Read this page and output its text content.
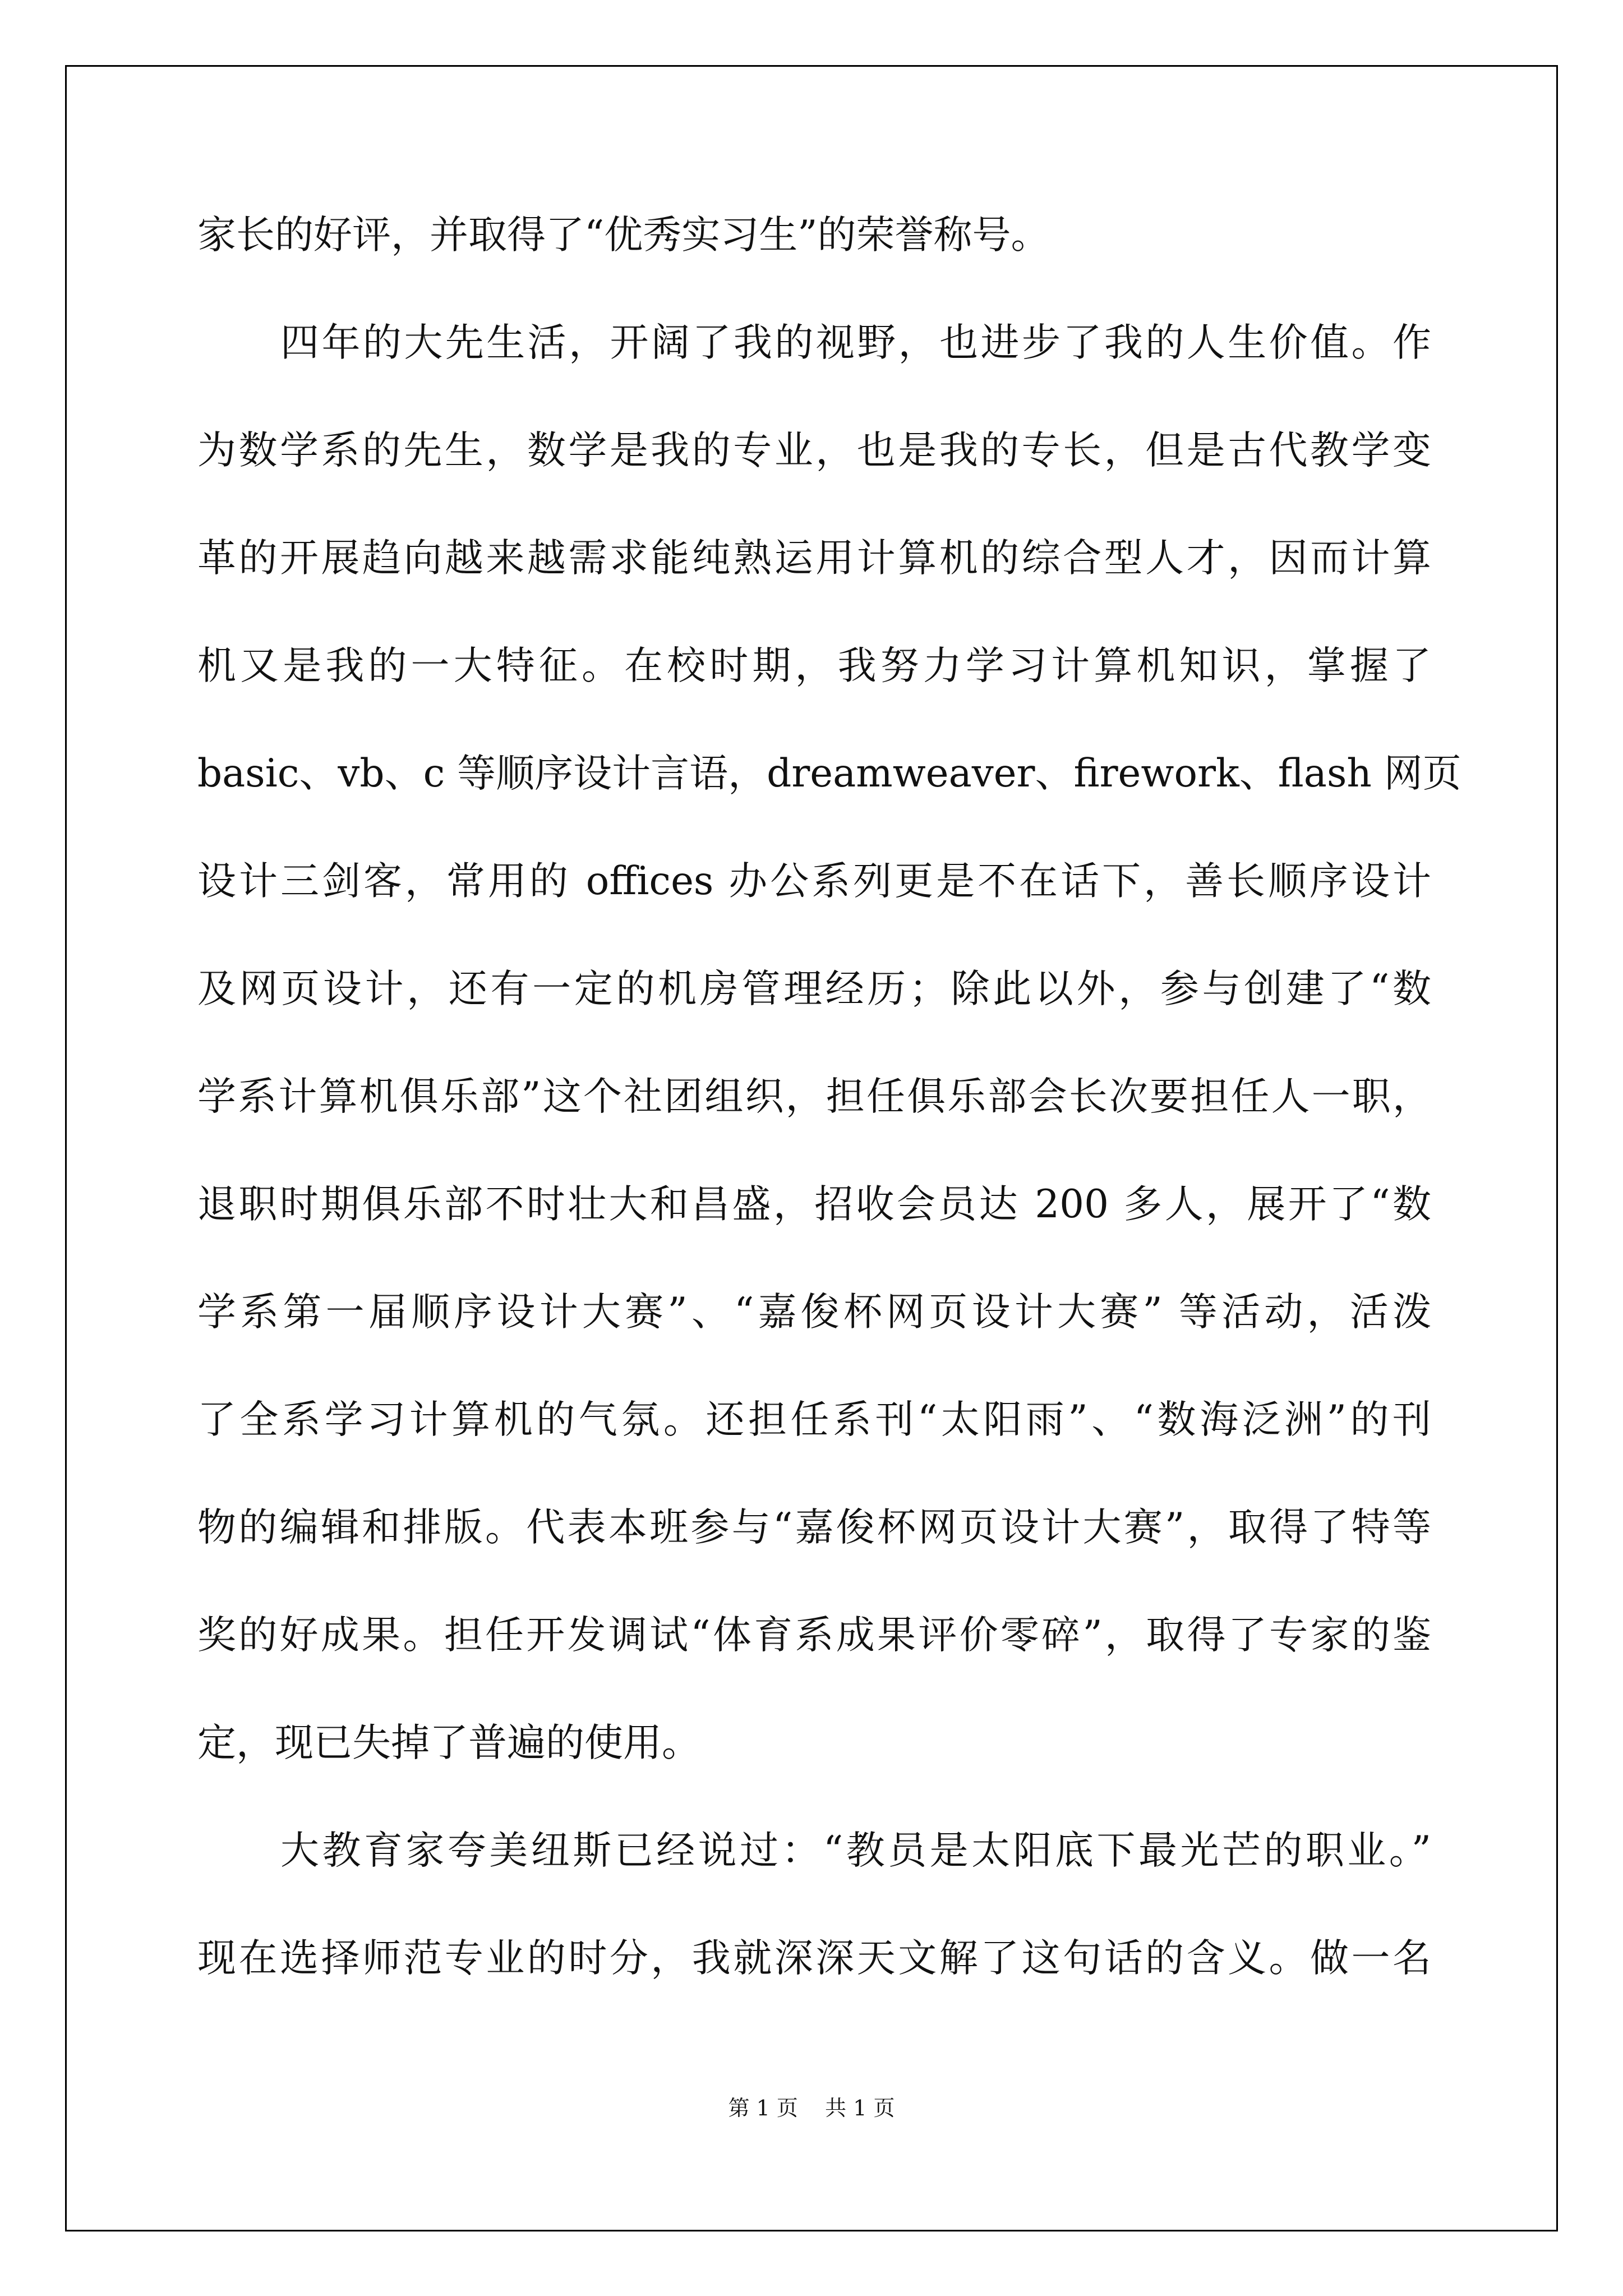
家长的好评，并取得了“优秀实习生”的荣誉称号。
四年的大先生活，开阔了我的视野，也进步了我的人生价值。作
为数学系的先生，数学是我的专业，也是我的专长，但是古代教学变
革的开展趋向越来越需求能纯熟运用计算机的综合型人才，因而计算
机又是我的一大特征。在校时期，我努力学习计算机知识，掌握了
basic、vb、c 等顺序设计言语，dreamweaver、firework、flash 网页
设计三剑客，常用的 offices 办公系列更是不在话下，善长顺序设计
及网页设计，还有一定的机房管理经历；除此以外，参与创建了“数
学系计算机俱乐部”这个社团组织，担任俱乐部会长次要担任人一职，
退职时期俱乐部不时壮大和昌盛，招收会员达 200 多人，展开了“数
学系第一届顺序设计大赛”、“嘉俊杯网页设计大赛” 等活动，活泼
了全系学习计算机的气氛。还担任系刊“太阳雨”、“数海泛洲”的刊
物的编辑和排版。代表本班参与“嘉俊杯网页设计大赛”，取得了特等
奖的好成果。担任开发调试“体育系成果评价零碎”，取得了专家的鉴
定，现已失掉了普遍的使用。
大教育家夸美纽斯已经说过：“教员是太阳底下最光芒的职业。”
现在选择师范专业的时分，我就深深天文解了这句话的含义。做一名
第 1 页    共 1 页
